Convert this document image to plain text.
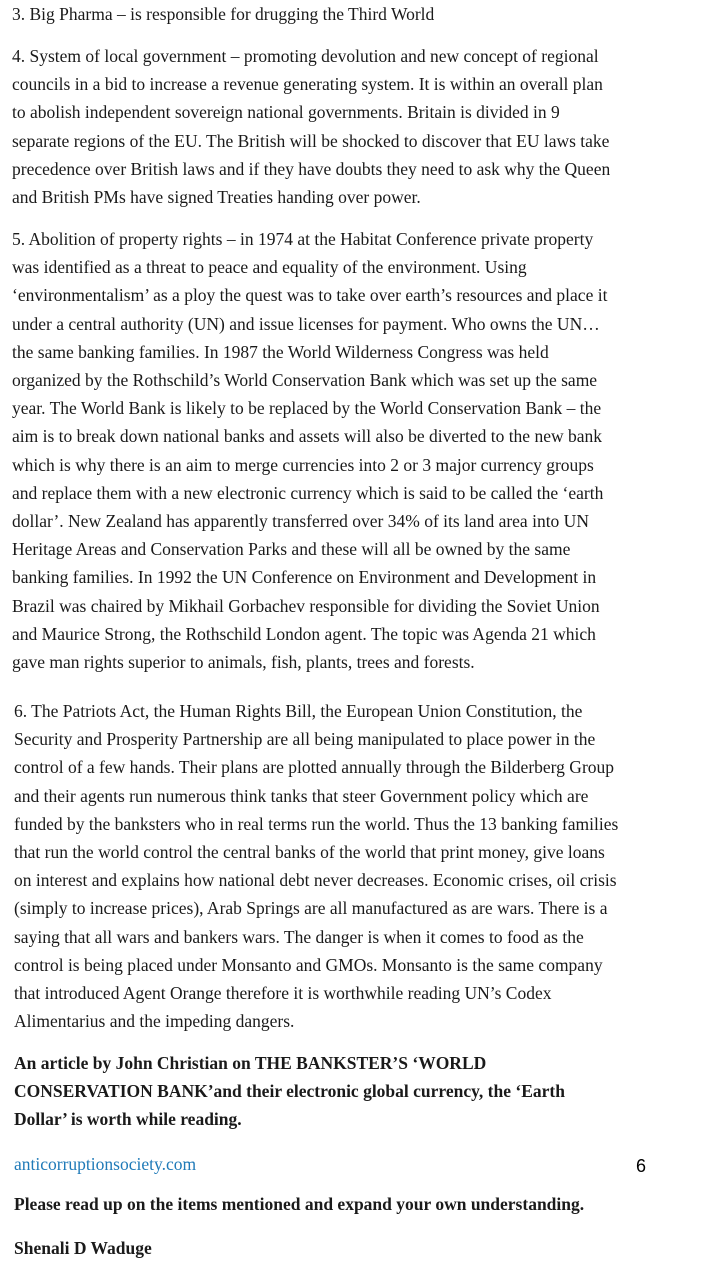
3. Big Pharma – is responsible for drugging the Third World

4. System of local government – promoting devolution and new concept of regional
councils in a bid to increase a revenue generating system. It is within an overall plan
to abolish independent sovereign national governments. Britain is divided in 9
separate regions of the EU. The British will be shocked to discover that EU laws take
precedence over British laws and if they have doubts they need to ask why the Queen
and British PMs have signed Treaties handing over power.

5. Abolition of property rights – in 1974 at the Habitat Conference private property
was identified as a threat to peace and equality of the environment. Using
‘environmentalism’ as a ploy the quest was to take over earth’s resources and place it
under a central authority (UN) and issue licenses for payment. Who owns the UN…
the same banking families. In 1987 the World Wilderness Congress was held
organized by the Rothschild’s World Conservation Bank which was set up the same
year. The World Bank is likely to be replaced by the World Conservation Bank – the
aim is to break down national banks and assets will also be diverted to the new bank
which is why there is an aim to merge currencies into 2 or 3 major currency groups
and replace them with a new electronic currency which is said to be called the ‘earth
dollar’. New Zealand has apparently transferred over 34% of its land area into UN
Heritage Areas and Conservation Parks and these will all be owned by the same
banking families. In 1992 the UN Conference on Environment and Development in
Brazil was chaired by Mikhail Gorbachev responsible for dividing the Soviet Union
and Maurice Strong, the Rothschild London agent. The topic was Agenda 21 which
gave man rights superior to animals, fish, plants, trees and forests.

6. The Patriots Act, the Human Rights Bill, the European Union Constitution, the
Security and Prosperity Partnership are all being manipulated to place power in the
control of a few hands. Their plans are plotted annually through the Bilderberg Group
and their agents run numerous think tanks that steer Government policy which are
funded by the banksters who in real terms run the world. Thus the 13 banking families
that run the world control the central banks of the world that print money, give loans
on interest and explains how national debt never decreases. Economic crises, oil crisis
(simply to increase prices), Arab Springs are all manufactured as are wars. There is a
saying that all wars and bankers wars. The danger is when it comes to food as the
control is being placed under Monsanto and GMOs. Monsanto is the same company
that introduced Agent Orange therefore it is worthwhile reading UN’s Codex
Alimentarius and the impeding dangers.

An article by John Christian on THE BANKSTER’S ‘WORLD
CONSERVATION BANK’and their electronic global currency, the ‘Earth
Dollar’ is worth while reading.

anticorruptionsociety.com	6

Please read up on the items mentioned and expand your own understanding.

Shenali D Waduge
